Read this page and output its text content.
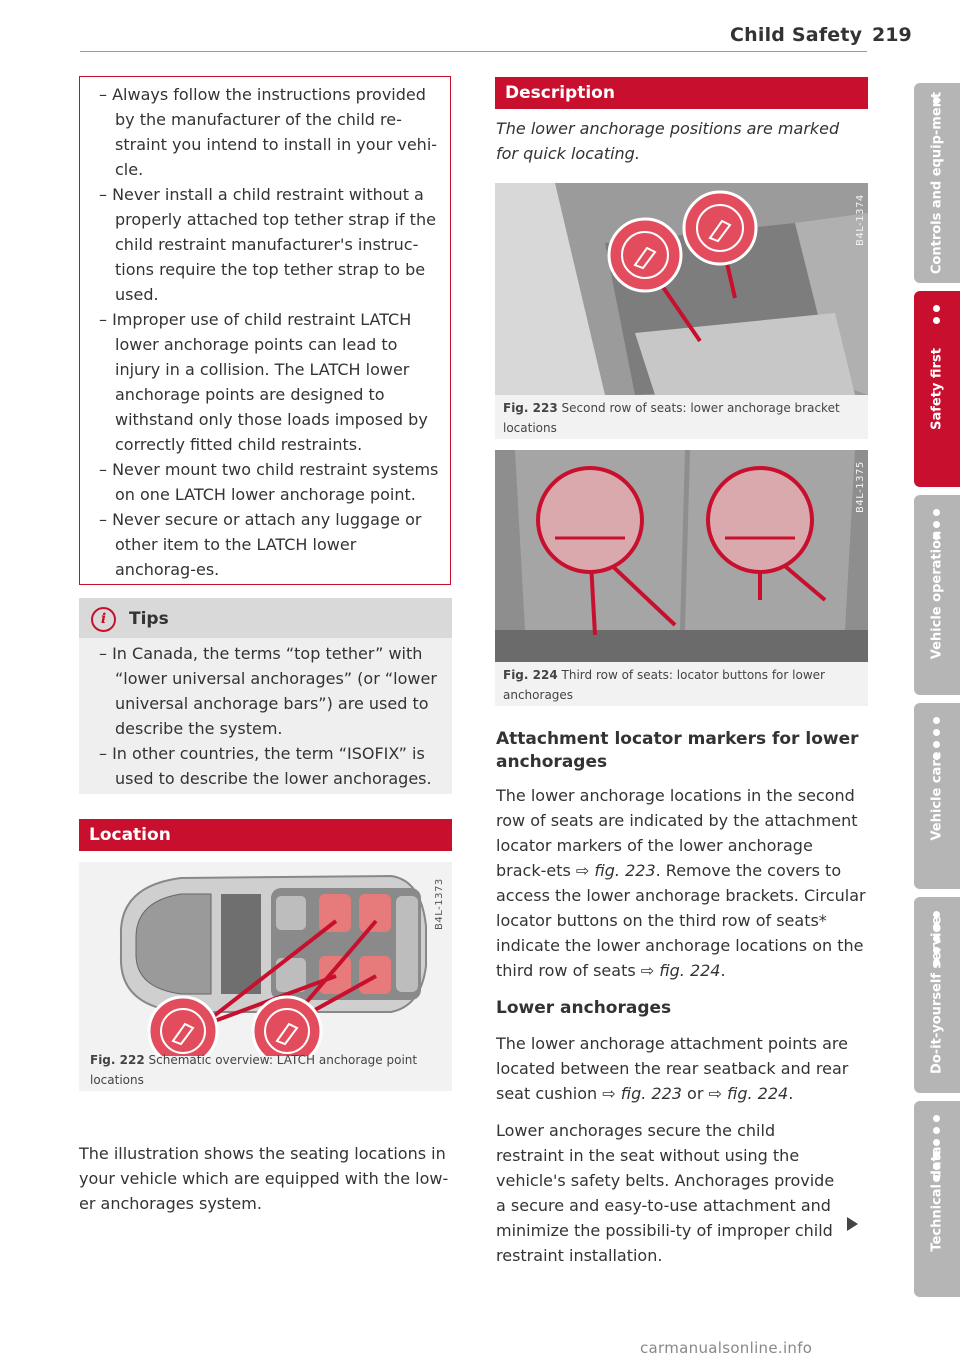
Child Safety 219

– Always follow the instructions provided by the manufacturer of the child re-straint you intend to install in your vehi-cle.

– Never install a child restraint without a properly attached top tether strap if the child restraint manufacturer's instruc-tions require the top tether strap to be used.

– Improper use of child restraint LATCH lower anchorage points can lead to injury in a collision. The LATCH lower anchorage points are designed to withstand only those loads imposed by correctly fitted child restraints.

– Never mount two child restraint systems on one LATCH lower anchorage point.

– Never secure or attach any luggage or other item to the LATCH lower anchorag-es.

i	Tips

– In Canada, the terms “top tether” with “lower universal anchorages” (or “lower universal anchorage bars”) are used to describe the system.

– In other countries, the term “ISOFIX” is used to describe the lower anchorages.

Location
B4L-1373
Fig. 222 Schematic overview: LATCH anchorage point locations

The illustration shows the seating locations in your vehicle which are equipped with the low-er anchorages system.

Description

The lower anchorage positions are marked for quick locating.

B4L-1374
Fig. 223 Second row of seats: lower anchorage bracket locations
B4L-1375
Fig. 224 Third row of seats: locator buttons for lower anchorages
Attachment locator markers for lower anchorages

The lower anchorage locations in the second row of seats are indicated by the attachment locator markers of the lower anchorage brack-ets ⇨ fig. 223. Remove the covers to access the lower anchorage brackets. Circular locator buttons on the third row of seats* indicate the lower anchorage locations on the third row of seats ⇨ fig. 224.

Lower anchorages

The lower anchorage attachment points are located between the rear seatback and rear seat cushion ⇨ fig. 223 or ⇨ fig. 224.

Lower anchorages secure the child restraint in the seat without using the vehicle's safety belts. Anchorages provide a secure and easy-to-use attachment and minimize the possibili-ty of improper child restraint installation.

Controls and equip-ment
Safety first
Vehicle operation
Vehicle care
Do-it-yourself service
Technical data
carmanualsonline.info
